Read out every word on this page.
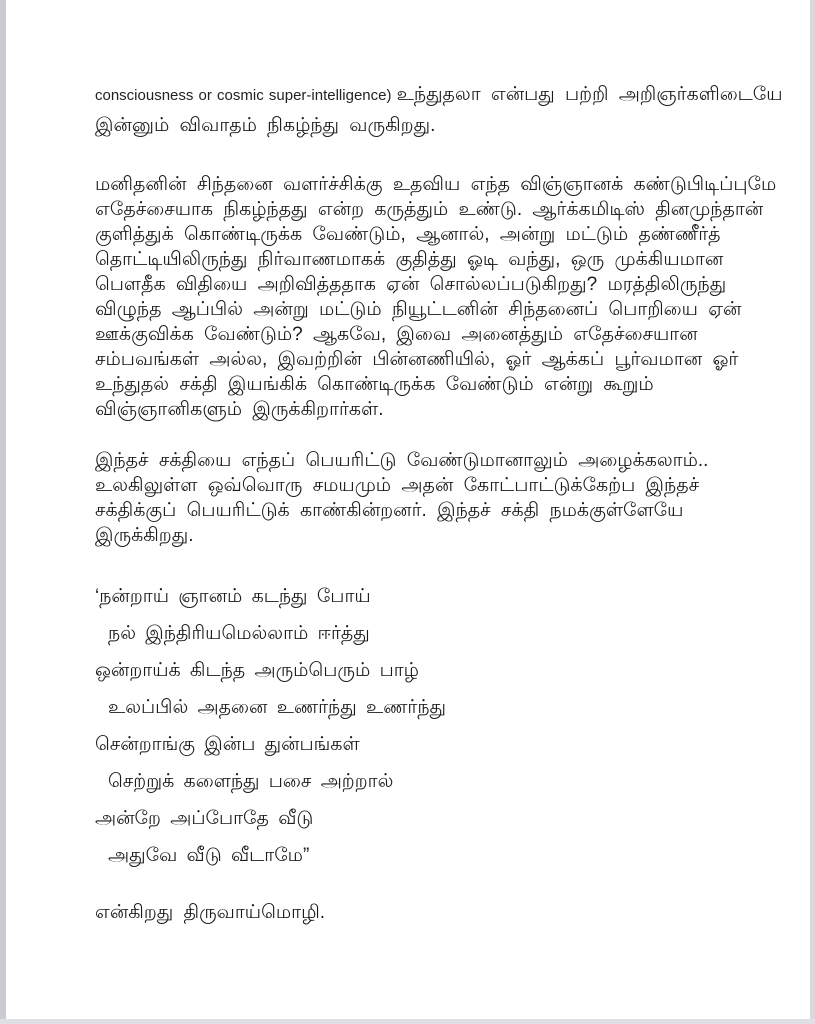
consciousness or cosmic super-intelligence) உந்துதலா என்பது பற்றி அறிஞர்களிடையே
இன்னும் விவாதம் நிகழ்ந்து வருகிறது.
மனிதனின் சிந்தனை வளர்ச்சிக்கு உதவிய எந்த விஞ்ஞானக் கண்டுபிடிப்புமே
எதேச்சையாக நிகழ்ந்தது என்ற கருத்தும் உண்டு. ஆர்க்கமிடிஸ் தினமுந்தான்
குளித்துக் கொண்டிருக்க வேண்டும், ஆனால், அன்று மட்டும் தண்ணீர்த்
தொட்டியிலிருந்து நிர்வாணமாகக் குதித்து ஓடி வந்து, ஒரு முக்கியமான
பௌதீக விதியை அறிவித்ததாக ஏன் சொல்லப்படுகிறது? மரத்திலிருந்து
விழுந்த ஆப்பில் அன்று மட்டும் நியூட்டனின் சிந்தனைப் பொறியை ஏன்
ஊக்குவிக்க வேண்டும்? ஆகவே, இவை அனைத்தும் எதேச்சையான
சம்பவங்கள் அல்ல, இவற்றின் பின்னணியில், ஓர் ஆக்கப் பூர்வமான ஓர்
உந்துதல் சக்தி இயங்கிக் கொண்டிருக்க வேண்டும் என்று கூறும்
விஞ்ஞானிகளும் இருக்கிறார்கள்.
இந்தச் சக்தியை எந்தப் பெயரிட்டு வேண்டுமானாலும் அழைக்கலாம்..
உலகிலுள்ள ஒவ்வொரு சமயமும் அதன் கோட்பாட்டுக்கேற்ப இந்தச்
சக்திக்குப் பெயரிட்டுக் காண்கின்றனர். இந்தச் சக்தி நமக்குள்ளேயே
இருக்கிறது.
‘நன்றாய் ஞானம் கடந்து போய்
நல் இந்திரியமெல்லாம் ஈர்த்து
ஒன்றாய்க் கிடந்த அரும்பெரும் பாழ்
உலப்பில் அதனை உணர்ந்து உணர்ந்து
சென்றாங்கு இன்ப துன்பங்கள்
செற்றுக் களைந்து பசை அற்றால்
அன்றே அப்போதே வீடு
அதுவே வீடு வீடாமே”
என்கிறது திருவாய்மொழி.
